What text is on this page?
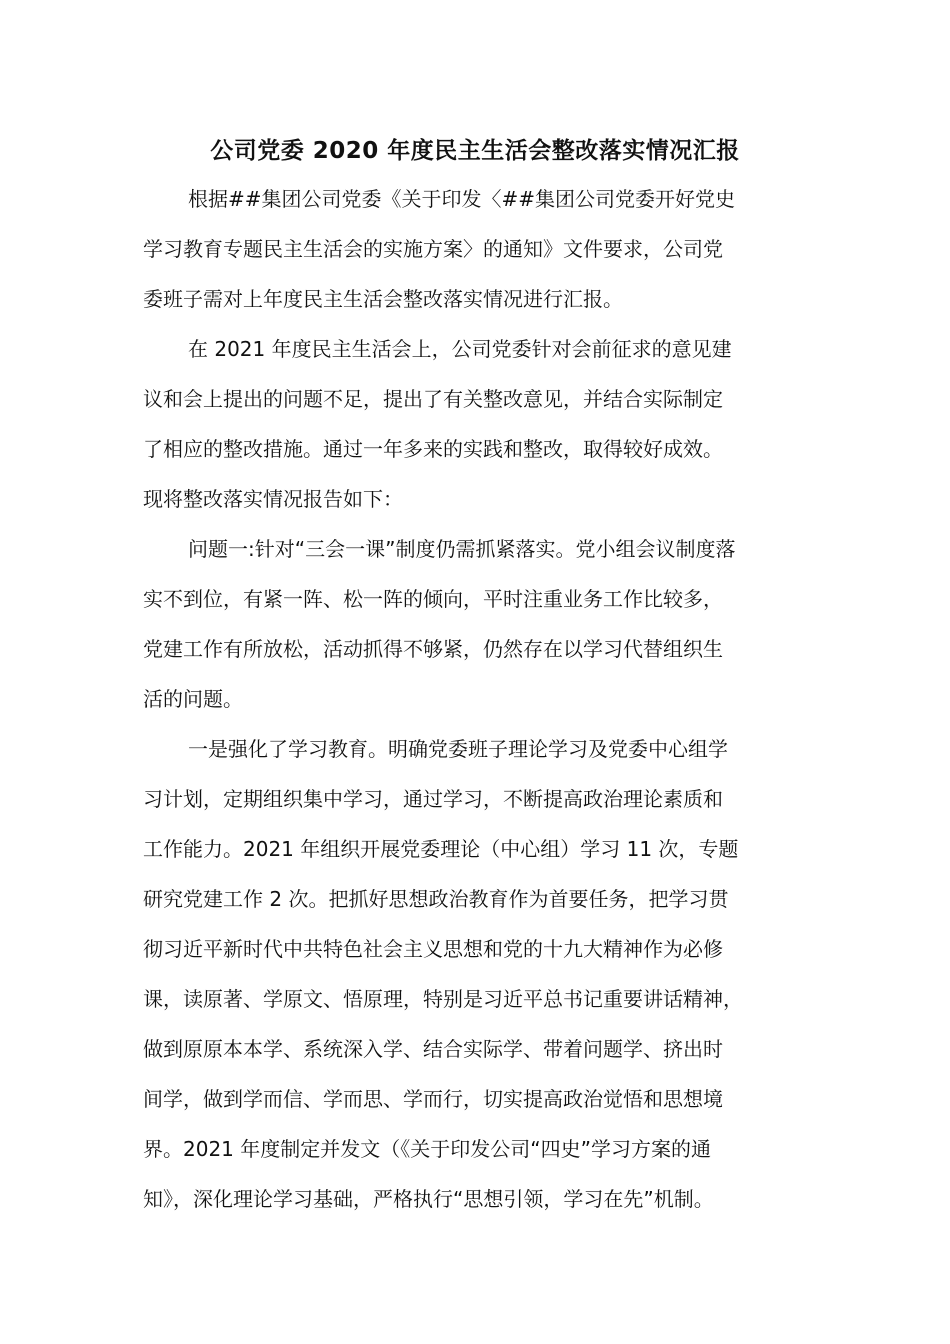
公司党委 2020 年度民主生活会整改落实情况汇报

根据##集团公司党委《关于印发〈##集团公司党委开好党史

学习教育专题民主生活会的实施方案〉的通知》文件要求，公司党

委班子需对上年度民主生活会整改落实情况进行汇报。

在 2021 年度民主生活会上，公司党委针对会前征求的意见建

议和会上提出的问题不足，提出了有关整改意见，并结合实际制定

了相应的整改措施。通过一年多来的实践和整改，取得较好成效。

现将整改落实情况报告如下：

问题一:针对“三会一课”制度仍需抓紧落实。党小组会议制度落

实不到位，有紧一阵、松一阵的倾向，平时注重业务工作比较多，

党建工作有所放松，活动抓得不够紧，仍然存在以学习代替组织生

活的问题。

一是强化了学习教育。明确党委班子理论学习及党委中心组学

习计划，定期组织集中学习，通过学习，不断提高政治理论素质和

工作能力。2021 年组织开展党委理论（中心组）学习 11 次，专题

研究党建工作 2 次。把抓好思想政治教育作为首要任务，把学习贯

彻习近平新时代中共特色社会主义思想和党的十九大精神作为必修

课，读原著、学原文、悟原理，特别是习近平总书记重要讲话精神，

做到原原本本学、系统深入学、结合实际学、带着问题学、挤出时

间学，做到学而信、学而思、学而行，切实提高政治觉悟和思想境

界。2021 年度制定并发文（《关于印发公司“四史”学习方案的通

知》，深化理论学习基础，严格执行“思想引领，学习在先”机制。
